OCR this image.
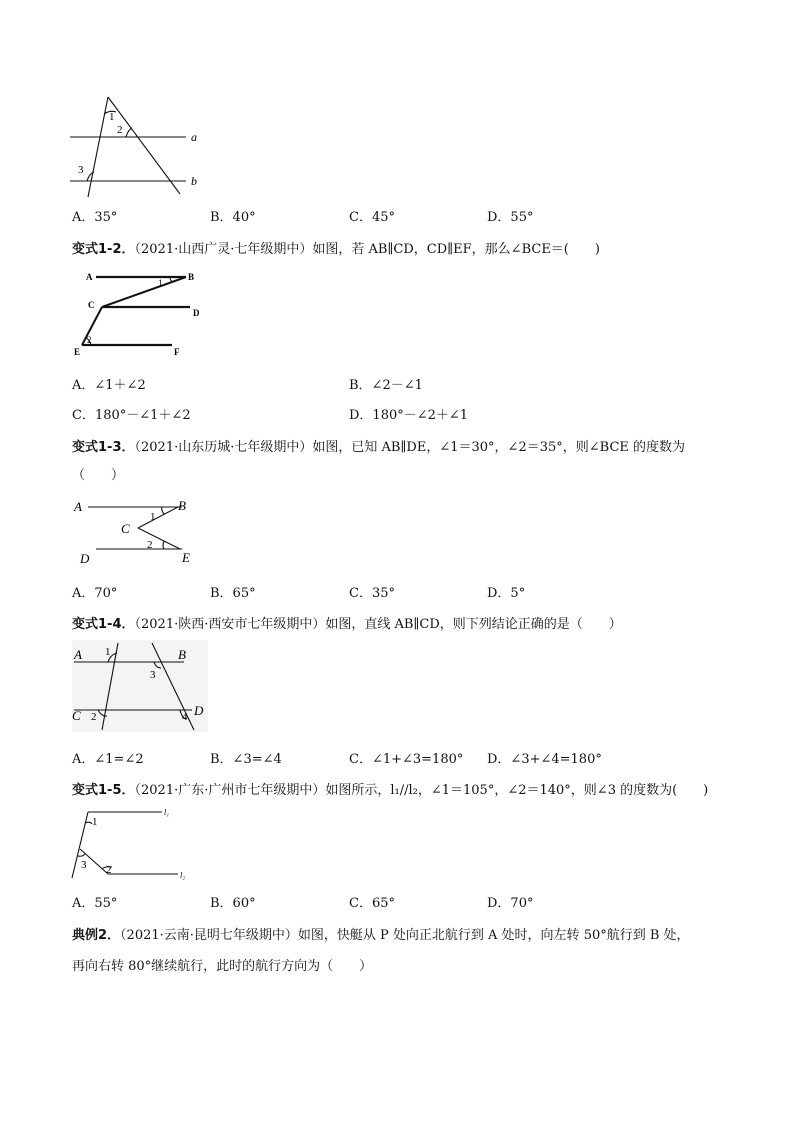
1
2
3
a
b
A．35°	B．40°	C．45°	D．55°
变式1-2．（2021·山西广灵·七年级期中）如图，若 AB∥CD，CD∥EF，那么∠BCE＝(　　)
A	B
C
D
E	F
1
2
A．∠1＋∠2	B．∠2－∠1
C．180°－∠1＋∠2	D．180°－∠2＋∠1
变式1-3．（2021·山东历城·七年级期中）如图，已知 AB∥DE，∠1＝30°，∠2＝35°，则∠BCE 的度数为
（　　）
A	B
C
D	E
1
2
A．70°	B．65°	C．35°	D．5°
变式1-4．（2021·陕西·西安市七年级期中）如图，直线 AB∥CD，则下列结论正确的是（　　）
A	B
C	D
1
2
3
4
A．∠1=∠2	B．∠3=∠4	C．∠1+∠3=180° D．∠3+∠4=180°
变式1-5．（2021·广东·广州市七年级期中）如图所示，l₁//l₂，∠1＝105°，∠2＝140°，则∠3 的度数为(　　)
1
3 2
l₁
l₂
A．55°	B．60°	C．65°	D．70°
典例2．（2021·云南·昆明七年级期中）如图，快艇从 P 处向正北航行到 A 处时，向左转 50°航行到 B 处，
再向右转 80°继续航行，此时的航行方向为（　　）
